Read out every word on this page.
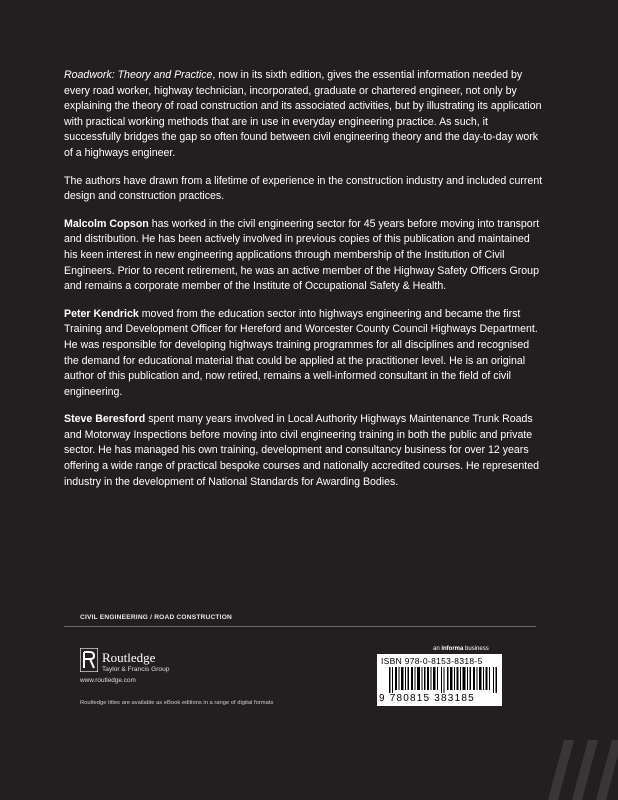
Roadwork: Theory and Practice, now in its sixth edition, gives the essential information needed by every road worker, highway technician, incorporated, graduate or chartered engineer, not only by explaining the theory of road construction and its associated activities, but by illustrating its application with practical working methods that are in use in everyday engineering practice. As such, it successfully bridges the gap so often found between civil engineering theory and the day-to-day work of a highways engineer.

The authors have drawn from a lifetime of experience in the construction industry and included current design and construction practices.

Malcolm Copson has worked in the civil engineering sector for 45 years before moving into transport and distribution. He has been actively involved in previous copies of this publication and maintained his keen interest in new engineering applications through membership of the Institution of Civil Engineers. Prior to recent retirement, he was an active member of the Highway Safety Officers Group and remains a corporate member of the Institute of Occupational Safety & Health.

Peter Kendrick moved from the education sector into highways engineering and became the first Training and Development Officer for Hereford and Worcester County Council Highways Department. He was responsible for developing highways training programmes for all disciplines and recognised the demand for educational material that could be applied at the practitioner level. He is an original author of this publication and, now retired, remains a well-informed consultant in the field of civil engineering.

Steve Beresford spent many years involved in Local Authority Highways Maintenance Trunk Roads and Motorway Inspections before moving into civil engineering training in both the public and private sector. He has managed his own training, development and consultancy business for over 12 years offering a wide range of practical bespoke courses and nationally accredited courses. He represented industry in the development of National Standards for Awarding Bodies.

CIVIL ENGINEERING / ROAD CONSTRUCTION
Routledge
Taylor & Francis Group
www.routledge.com
Routledge titles are available as eBook editions in a range of digital formats
an informa business
ISBN 978-0-8153-8318-5
9 780815 383185
